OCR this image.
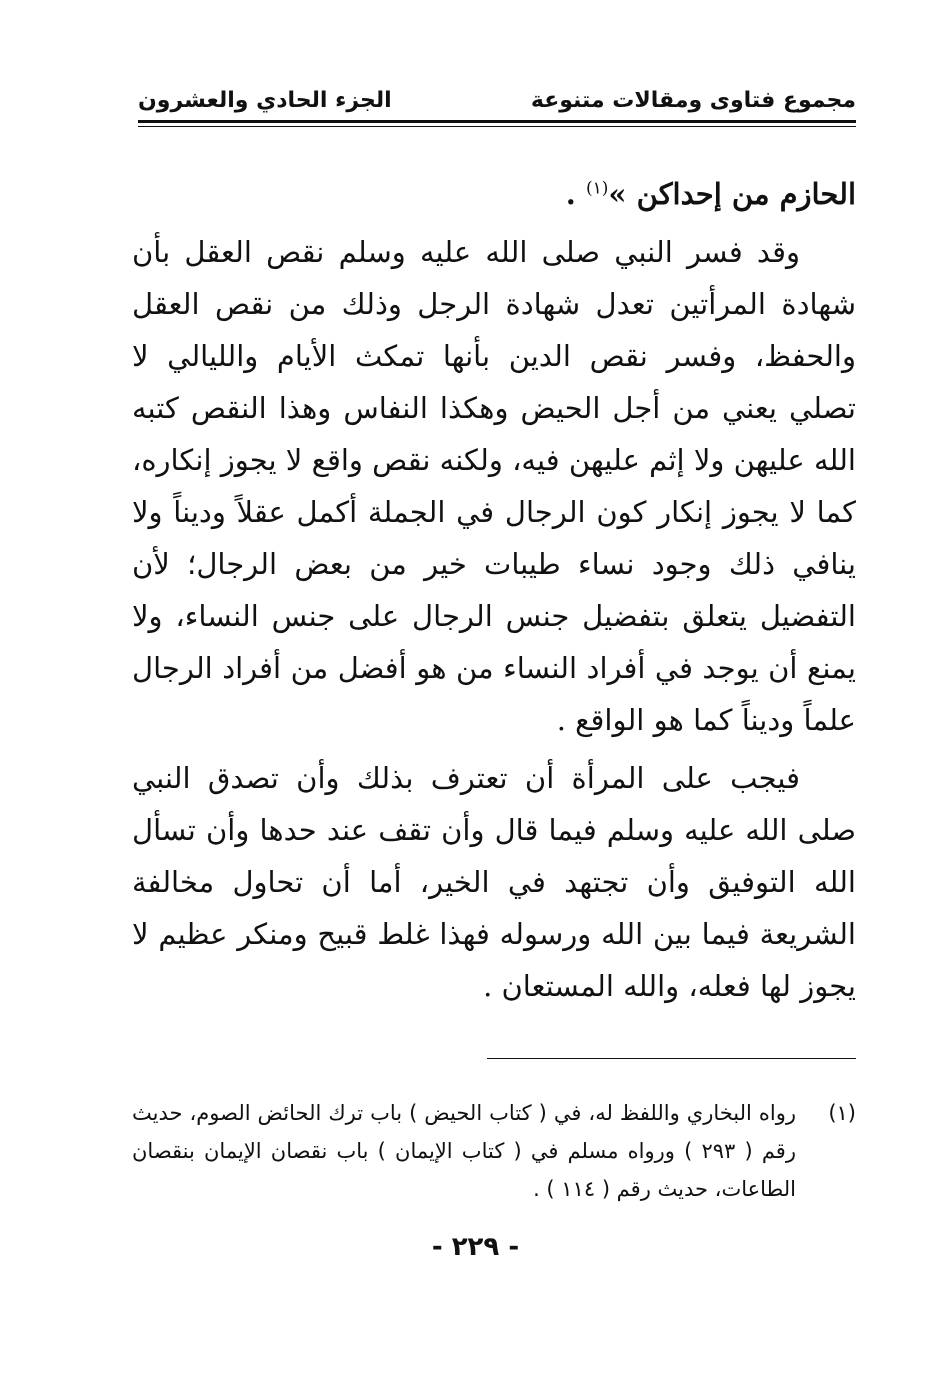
مجموع فتاوى ومقالات متنوعة
الجزء الحادي والعشرون

الحازم من إحداكن »$^{(١)}$ .

وقد فسر النبي صلى الله عليه وسلم نقص العقل بأن شهادة المرأتين تعدل شهادة الرجل وذلك من نقص العقل والحفظ، وفسر نقص الدين بأنها تمكث الأيام والليالي لا تصلي يعني من أجل الحيض وهكذا النفاس وهذا النقص كتبه الله عليهن ولا إثم عليهن فيه، ولكنه نقص واقع لا يجوز إنكاره، كما لا يجوز إنكار كون الرجال في الجملة أكمل عقلاً وديناً ولا ينافي ذلك وجود نساء طيبات خير من بعض الرجال؛ لأن التفضيل يتعلق بتفضيل جنس الرجال على جنس النساء، ولا يمنع أن يوجد في أفراد النساء من هو أفضل من أفراد الرجال علماً وديناً كما هو الواقع .

فيجب على المرأة أن تعترف بذلك وأن تصدق النبي صلى الله عليه وسلم فيما قال وأن تقف عند حدها وأن تسأل الله التوفيق وأن تجتهد في الخير، أما أن تحاول مخالفة الشريعة فيما بين الله ورسوله فهذا غلط قبيح ومنكر عظيم لا يجوز لها فعله، والله المستعان .

(١)
رواه البخاري واللفظ له، في ( كتاب الحيض ) باب ترك الحائض الصوم، حديث رقم ( ٢٩٣ ) ورواه مسلم في ( كتاب الإيمان ) باب نقصان الإيمان بنقصان الطاعات، حديث رقم ( ١١٤ ) .
- ٢٢٩ -
